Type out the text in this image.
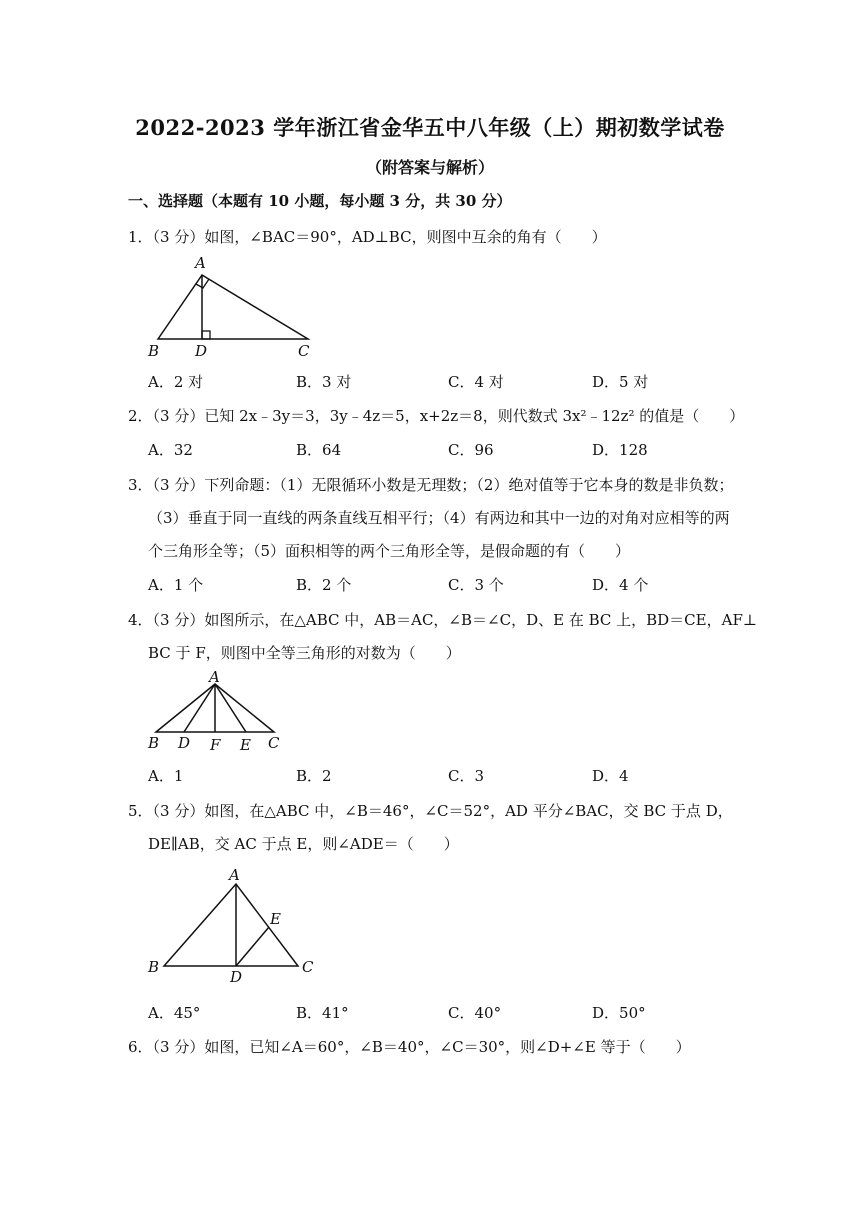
2022-2023 学年浙江省金华五中八年级（上）期初数学试卷
（附答案与解析）
一、选择题（本题有 10 小题，每小题 3 分，共 30 分）
1．（3 分）如图，∠BAC＝90°，AD⊥BC，则图中互余的角有（　　）
A
B D	C
A．2 对	B．3 对	C．4 对	D．5 对
2．（3 分）已知 2x﹣3y＝3，3y﹣4z＝5，x+2z＝8，则代数式 3x²﹣12z² 的值是（　　）
A．32	B．64	C．96	D．128
3．（3 分）下列命题：（1）无限循环小数是无理数；（2）绝对值等于它本身的数是非负数；
（3）垂直于同一直线的两条直线互相平行；（4）有两边和其中一边的对角对应相等的两
个三角形全等；（5）面积相等的两个三角形全等，是假命题的有（　　）
A．1 个	B．2 个	C．3 个	D．4 个
4．（3 分）如图所示，在△ABC 中，AB＝AC，∠B＝∠C，D、E 在 BC 上，BD＝CE，AF⊥
BC 于 F，则图中全等三角形的对数为（　　）
A
B D F E C
A．1	B．2	C．3	D．4
5．（3 分）如图，在△ABC 中，∠B＝46°，∠C＝52°，AD 平分∠BAC，交 BC 于点 D，
DE∥AB，交 AC 于点 E，则∠ADE＝（　　）
A
E
B
D
C
A．45°	B．41°	C．40°	D．50°
6．（3 分）如图，已知∠A＝60°，∠B＝40°，∠C＝30°，则∠D+∠E 等于（　　）
